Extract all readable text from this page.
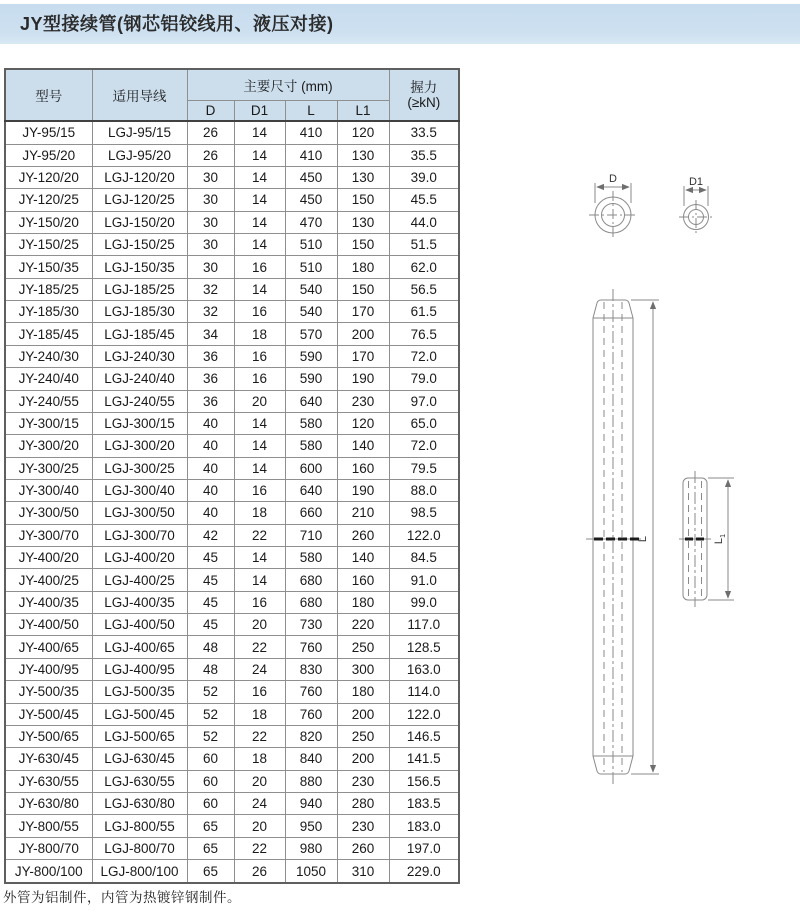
JY型接续管(钢芯铝铰线用、液压对接)
型号	适用导线	主要尺寸 (mm)				握力
(≥kN)

		D	D1	L	L1	
JY-95/15	LGJ-95/15	26	14	410	120	33.5
JY-95/20	LGJ-95/20	26	14	410	130	35.5
JY-120/20	LGJ-120/20	30	14	450	130	39.0
JY-120/25	LGJ-120/25	30	14	450	150	45.5
JY-150/20	LGJ-150/20	30	14	470	130	44.0
JY-150/25	LGJ-150/25	30	14	510	150	51.5
JY-150/35	LGJ-150/35	30	16	510	180	62.0
JY-185/25	LGJ-185/25	32	14	540	150	56.5
JY-185/30	LGJ-185/30	32	16	540	170	61.5
JY-185/45	LGJ-185/45	34	18	570	200	76.5
JY-240/30	LGJ-240/30	36	16	590	170	72.0
JY-240/40	LGJ-240/40	36	16	590	190	79.0
JY-240/55	LGJ-240/55	36	20	640	230	97.0
JY-300/15	LGJ-300/15	40	14	580	120	65.0
JY-300/20	LGJ-300/20	40	14	580	140	72.0
JY-300/25	LGJ-300/25	40	14	600	160	79.5
JY-300/40	LGJ-300/40	40	16	640	190	88.0
JY-300/50	LGJ-300/50	40	18	660	210	98.5
JY-300/70	LGJ-300/70	42	22	710	260	122.0
JY-400/20	LGJ-400/20	45	14	580	140	84.5
JY-400/25	LGJ-400/25	45	14	680	160	91.0
JY-400/35	LGJ-400/35	45	16	680	180	99.0
JY-400/50	LGJ-400/50	45	20	730	220	117.0
JY-400/65	LGJ-400/65	48	22	760	250	128.5
JY-400/95	LGJ-400/95	48	24	830	300	163.0
JY-500/35	LGJ-500/35	52	16	760	180	114.0
JY-500/45	LGJ-500/45	52	18	760	200	122.0
JY-500/65	LGJ-500/65	52	22	820	250	146.5
JY-630/45	LGJ-630/45	60	18	840	200	141.5
JY-630/55	LGJ-630/55	60	20	880	230	156.5
JY-630/80	LGJ-630/80	60	24	940	280	183.5
JY-800/55	LGJ-800/55	65	20	950	230	183.0
JY-800/70	LGJ-800/70	65	22	980	260	197.0
JY-800/100	LGJ-800/100	65	26	1050	310	229.0
D	D1
L	$L_1$
外管为铝制件，内管为热镀锌钢制件。
